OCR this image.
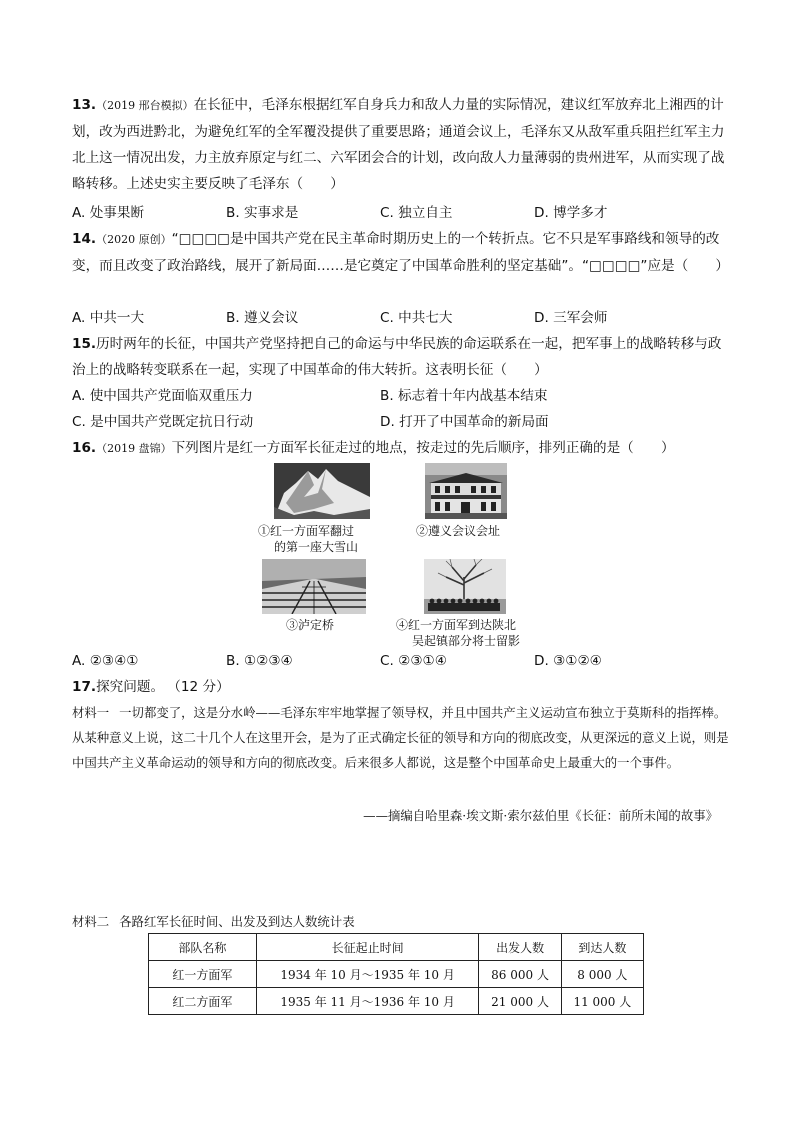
13.（2019 邢台模拟）在长征中，毛泽东根据红军自身兵力和敌人力量的实际情况，建议红军放弃北上湘西的计划，改为西进黔北，为避免红军的全军覆没提供了重要思路；通道会议上，毛泽东又从敌军重兵阻拦红军主力北上这一情况出发，力主放弃原定与红二、六军团会合的计划，改向敌人力量薄弱的贵州进军，从而实现了战略转移。上述史实主要反映了毛泽东（　　）
A. 处事果断	B. 实事求是	C. 独立自主	D. 博学多才
14.（2020 原创）“□□□□是中国共产党在民主革命时期历史上的一个转折点。它不只是军事路线和领导的改变，而且改变了政治路线，展开了新局面……是它奠定了中国革命胜利的坚定基础”。“□□□□”应是（　　）
A. 中共一大	B. 遵义会议	C. 中共七大	D. 三军会师
15.历时两年的长征，中国共产党坚持把自己的命运与中华民族的命运联系在一起，把军事上的战略转移与政治上的战略转变联系在一起，实现了中国革命的伟大转折。这表明长征（　　）
A. 使中国共产党面临双重压力	B. 标志着十年内战基本结束
C. 是中国共产党既定抗日行动	D. 打开了中国革命的新局面
16.（2019 盘锦）下列图片是红一方面军长征走过的地点，按走过的先后顺序，排列正确的是（　　）
①红一方面军翻过
的第一座大雪山
②遵义会议会址
③泸定桥	④红一方面军到达陕北
吴起镇部分将士留影
A. ②③④①	B. ①②③④	C. ②③①④	D. ③①②④
17.探究问题。 （12 分）
材料一 一切都变了，这是分水岭——毛泽东牢牢地掌握了领导权，并且中国共产主义运动宣布独立于莫斯科的指挥棒。从某种意义上说，这二十几个人在这里开会，是为了正式确定长征的领导和方向的彻底改变，从更深远的意义上说，则是中国共产主义革命运动的领导和方向的彻底改变。后来很多人都说，这是整个中国革命史上最重大的一个事件。
——摘编自哈里森·埃文斯·索尔兹伯里《长征：前所未闻的故事》
材料二 各路红军长征时间、出发及到达人数统计表
部队名称	长征起止时间	出发人数	到达人数
红一方面军	1934 年 10 月～1935 年 10 月	86 000 人	8 000 人
红二方面军	1935 年 11 月～1936 年 10 月	21 000 人	11 000 人
